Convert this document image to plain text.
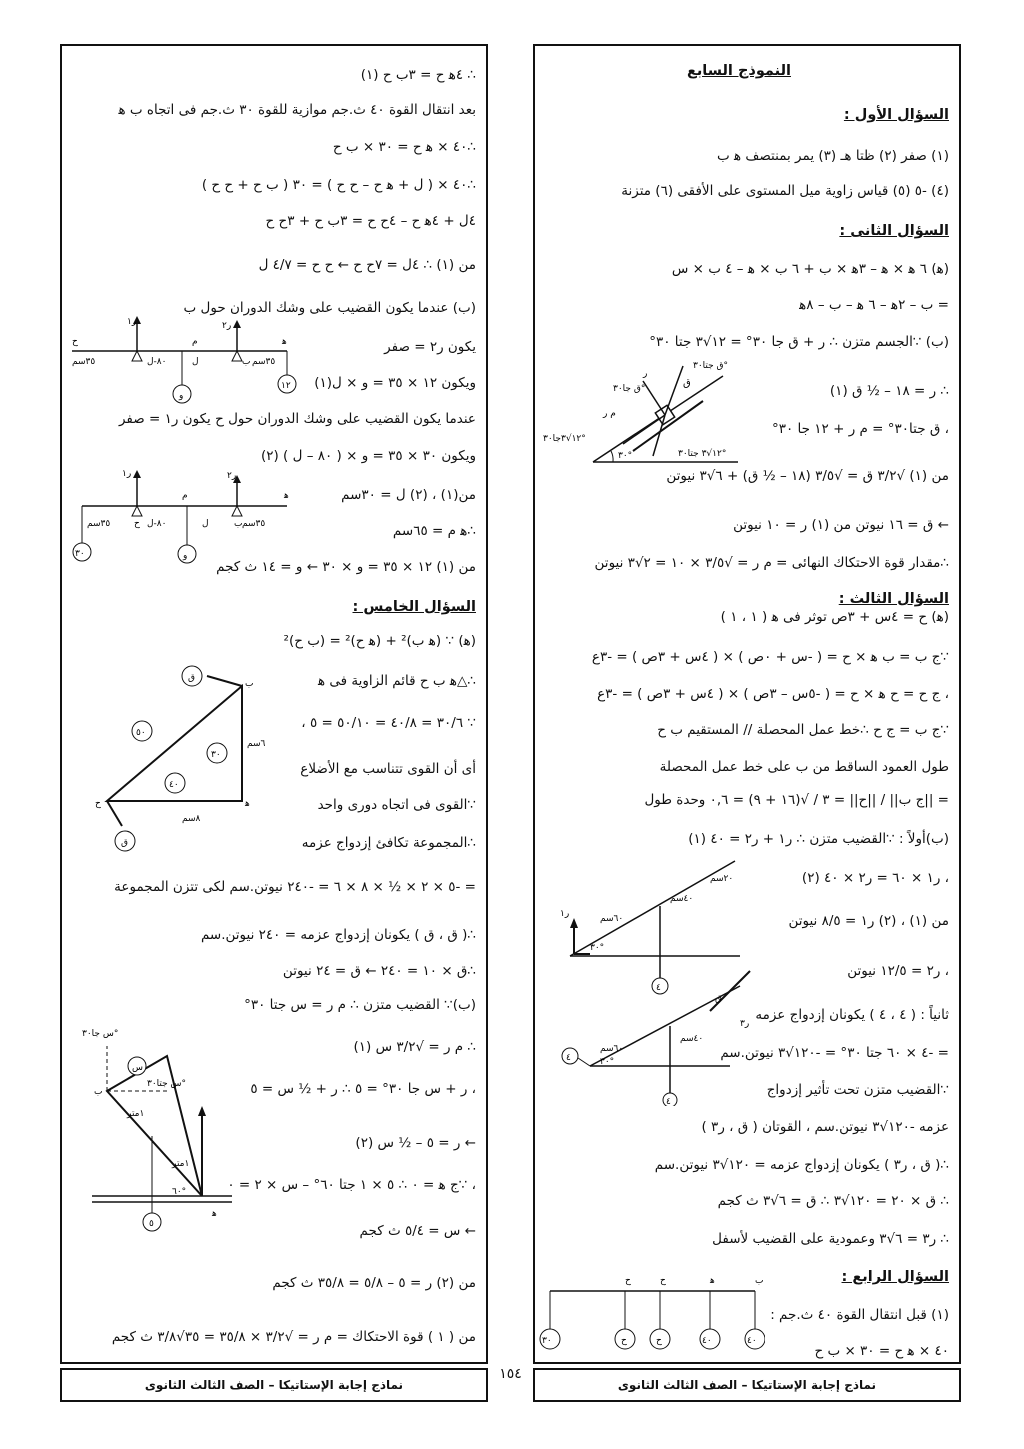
النموذج السابع
السؤال الأول :
(١) صفر (٢) ظتا هـ (٣) يمر بمنتصف ﻫ ب
(٤) -٥ (٥) قياس زاوية ميل المستوى على الأفقى (٦) متزنة
السؤال الثانى :
(ﻫ) ٦ ﻫ × ﻫ – ٣ﻫ × ب + ٦ ب × ﻫ – ٤ ب × س
= ب – ٢ﻫ – ٦ ﻫ – ب – ٨ﻫ
(ب) ∵الجسم متزن ∴ ر + ق جا ٣٠° = ١٢√٣ جتا ٣٠°
∴ ر = ١٨ – ½ ق (١)
، ق جتا٣٠° = م ر + ١٢ جا ٣٠°
من (١) √٣/٢ ق = √٣/٥ (١٨ – ½ ق) + ٦√٣ نيوتن
← ق = ١٦ نيوتن من (١) ر = ١٠ نيوتن
∴مقدار قوة الاحتكاك النهائى = م ر = √٣/٥ × ١٠ = ٢√٣ نيوتن
السؤال الثالث :
(ﻫ) ح = ٤س + ٣ص توثر فى ﻫ ( ١ ، ١ )
∵ج ب = ب ﻫ × ح = ( -س + ٠ص ) × ( ٤س + ٣ص ) = -٣ع
، ج ح = ح ﻫ × ح = ( -٥س – ٣ص ) × ( ٤س + ٣ص ) = -٣ع
∵ج ب = ج ح ∴خط عمل المحصلة // المستقيم ب ح
طول العمود الساقط من ب على خط عمل المحصلة
= ||ج ب|| / ||ح|| = ٣ / √(١٦ + ٩) = ٠,٦ وحدة طول
(ب)أولاً : ∵القضيب متزن ∴ ر١ + ر٢ = ٤٠ (١)
، ر١ × ٦٠ = ر٢ × ٤٠ (٢)
من (١) ، (٢) ر١ = ٨/٥ نيوتن
، ر٢ = ١٢/٥ نيوتن
ثانياً : ( ٤ ، ٤ ) يكونان إزدواج عزمه
= -٤ × ٦٠ جتا ٣٠° = -١٢٠√٣ نيوتن.سم
∵القضيب متزن تحت تأثير إزدواج
عزمه -١٢٠√٣ نيوتن.سم ، القوتان ( ق ، ر٣ )
∴( ق ، ر٣ ) يكونان إزدواج عزمه = ١٢٠√٣ نيوتن.سم
∴ ق × ٢٠ = ١٢٠√٣ ∴ ق = ٦√٣ ث كجم
∴ ر٣ = ٦√٣ وعمودية على القضيب لأسفل
السؤال الرابع :
(١) قبل انتقال القوة ٤٠ ث.جم :
٤٠ × ﻫ ح = ٣٠ × ب ح
ق جتا٣٠°
ق جا٣٠°
ر
م ر
١٢√٣ جتا٣٠°
١٢√٣جا٣٠°
ق
٣٠°
ر١	٦٠سم
٤٠سم
٢٠سم
٣٠°
٤
ق
ر٣
٤
٦٠سم
٤٠سم
٣٠°
٤
ح	ح	ﻫ	ب
٣٠	ح	ح	٤٠	٤٠
∴ ٤ﻫ ح = ٣ب ح (١)
بعد انتقال القوة ٤٠ ث.جم موازية للقوة ٣٠ ث.جم فى اتجاه ب ﻫ
∴٤٠ × ﻫ ح = ٣٠ × ب ح
∴٤٠ × ( ل + ﻫ ح – ح ح ) = ٣٠ ( ب ح + ح ح )
٤ل + ٤ﻫ ح – ٤ح ح = ٣ب ح + ٣ح ح
من (١) ∴ ٤ل = ٧ح ح ← ح ح = ٤/٧ ل
(ب) عندما يكون القضيب على وشك الدوران حول ب
يكون ر٢ = صفر
ويكون ١٢ × ٣٥ = و × ل(١)
عندما يكون القضيب على وشك الدوران حول ح يكون ر١ = صفر
ويكون ٣٠ × ٣٥ = و × ( ٨٠ – ل ) (٢)
من(١) ، (٢) ل = ٣٠سم
∴ﻫ م = ٦٥سم
من (١) ١٢ × ٣٥ = و × ٣٠ ← و = ١٤ ث كجم
السؤال الخامس :
(ﻫ) ∵ (ﻫ ب)² + (ﻫ ح)² = (ب ح)²
∴△ﻫ ب ح قائم الزاوية فى ﻫ
∵ ٣٠/٦ = ٤٠/٨ = ٥٠/١٠ = ٥ ،
أى أن القوى تتناسب مع الأضلاع
∵القوى فى اتجاه دورى واحد
∴المجموعة تكافئ إزدواج عزمه
= -٥ × ٢ × ½ × ٨ × ٦ = -٢٤٠ نيوتن.سم لكى تتزن المجموعة
∴( ق ، ق ) يكونان إزدواج عزمه = ٢٤٠ نيوتن.سم
∴ق × ١٠ = ٢٤٠ ← ق = ٢٤ نيوتن
(ب)∵ القضيب متزن ∴ م ر = س جتا ٣٠°
∴ م ر = √٣/٢ س (١)
، ر + س جا ٣٠° = ٥ ∴ ر + ½ س = ٥
← ر = ٥ – ½ س (٢)
، ∵ج ﻫ = ٠ ∴ ٥ × ١ جتا ٦٠° – س × ٢ = ٠
← س = ٥/٤ ث كجم
من (٢) ر = ٥ – ٥/٨ = ٣٥/٨ ث كجم
من ( ١ ) قوة الاحتكاك = م ر = √٣/٢ × ٣٥/٨ = ٣٥√٣/٨ ث كجم
ر١	ر٢
م	ﻫ
ب
ح
٣٥سم	٨٠-ل	ل	٣٥سم
و
١٢
ر١	ر٢
م	ﻫ
ب
ح
٣٥سم	٨٠-ل	ل	٣٥سم
٣٠	و
ق
ب
٦سم
٥٠
٣٠
٤٠
ح	ﻫ
٨سم
ق
س جا٣٠°
س
س جتا٣٠°
١متر
ب
١متر
٦٠°
ﻫ
٥
نماذج إجابة الإستاتيكا – الصف الثالث الثانوى
١٥٤
نماذج إجابة الإستاتيكا – الصف الثالث الثانوى
